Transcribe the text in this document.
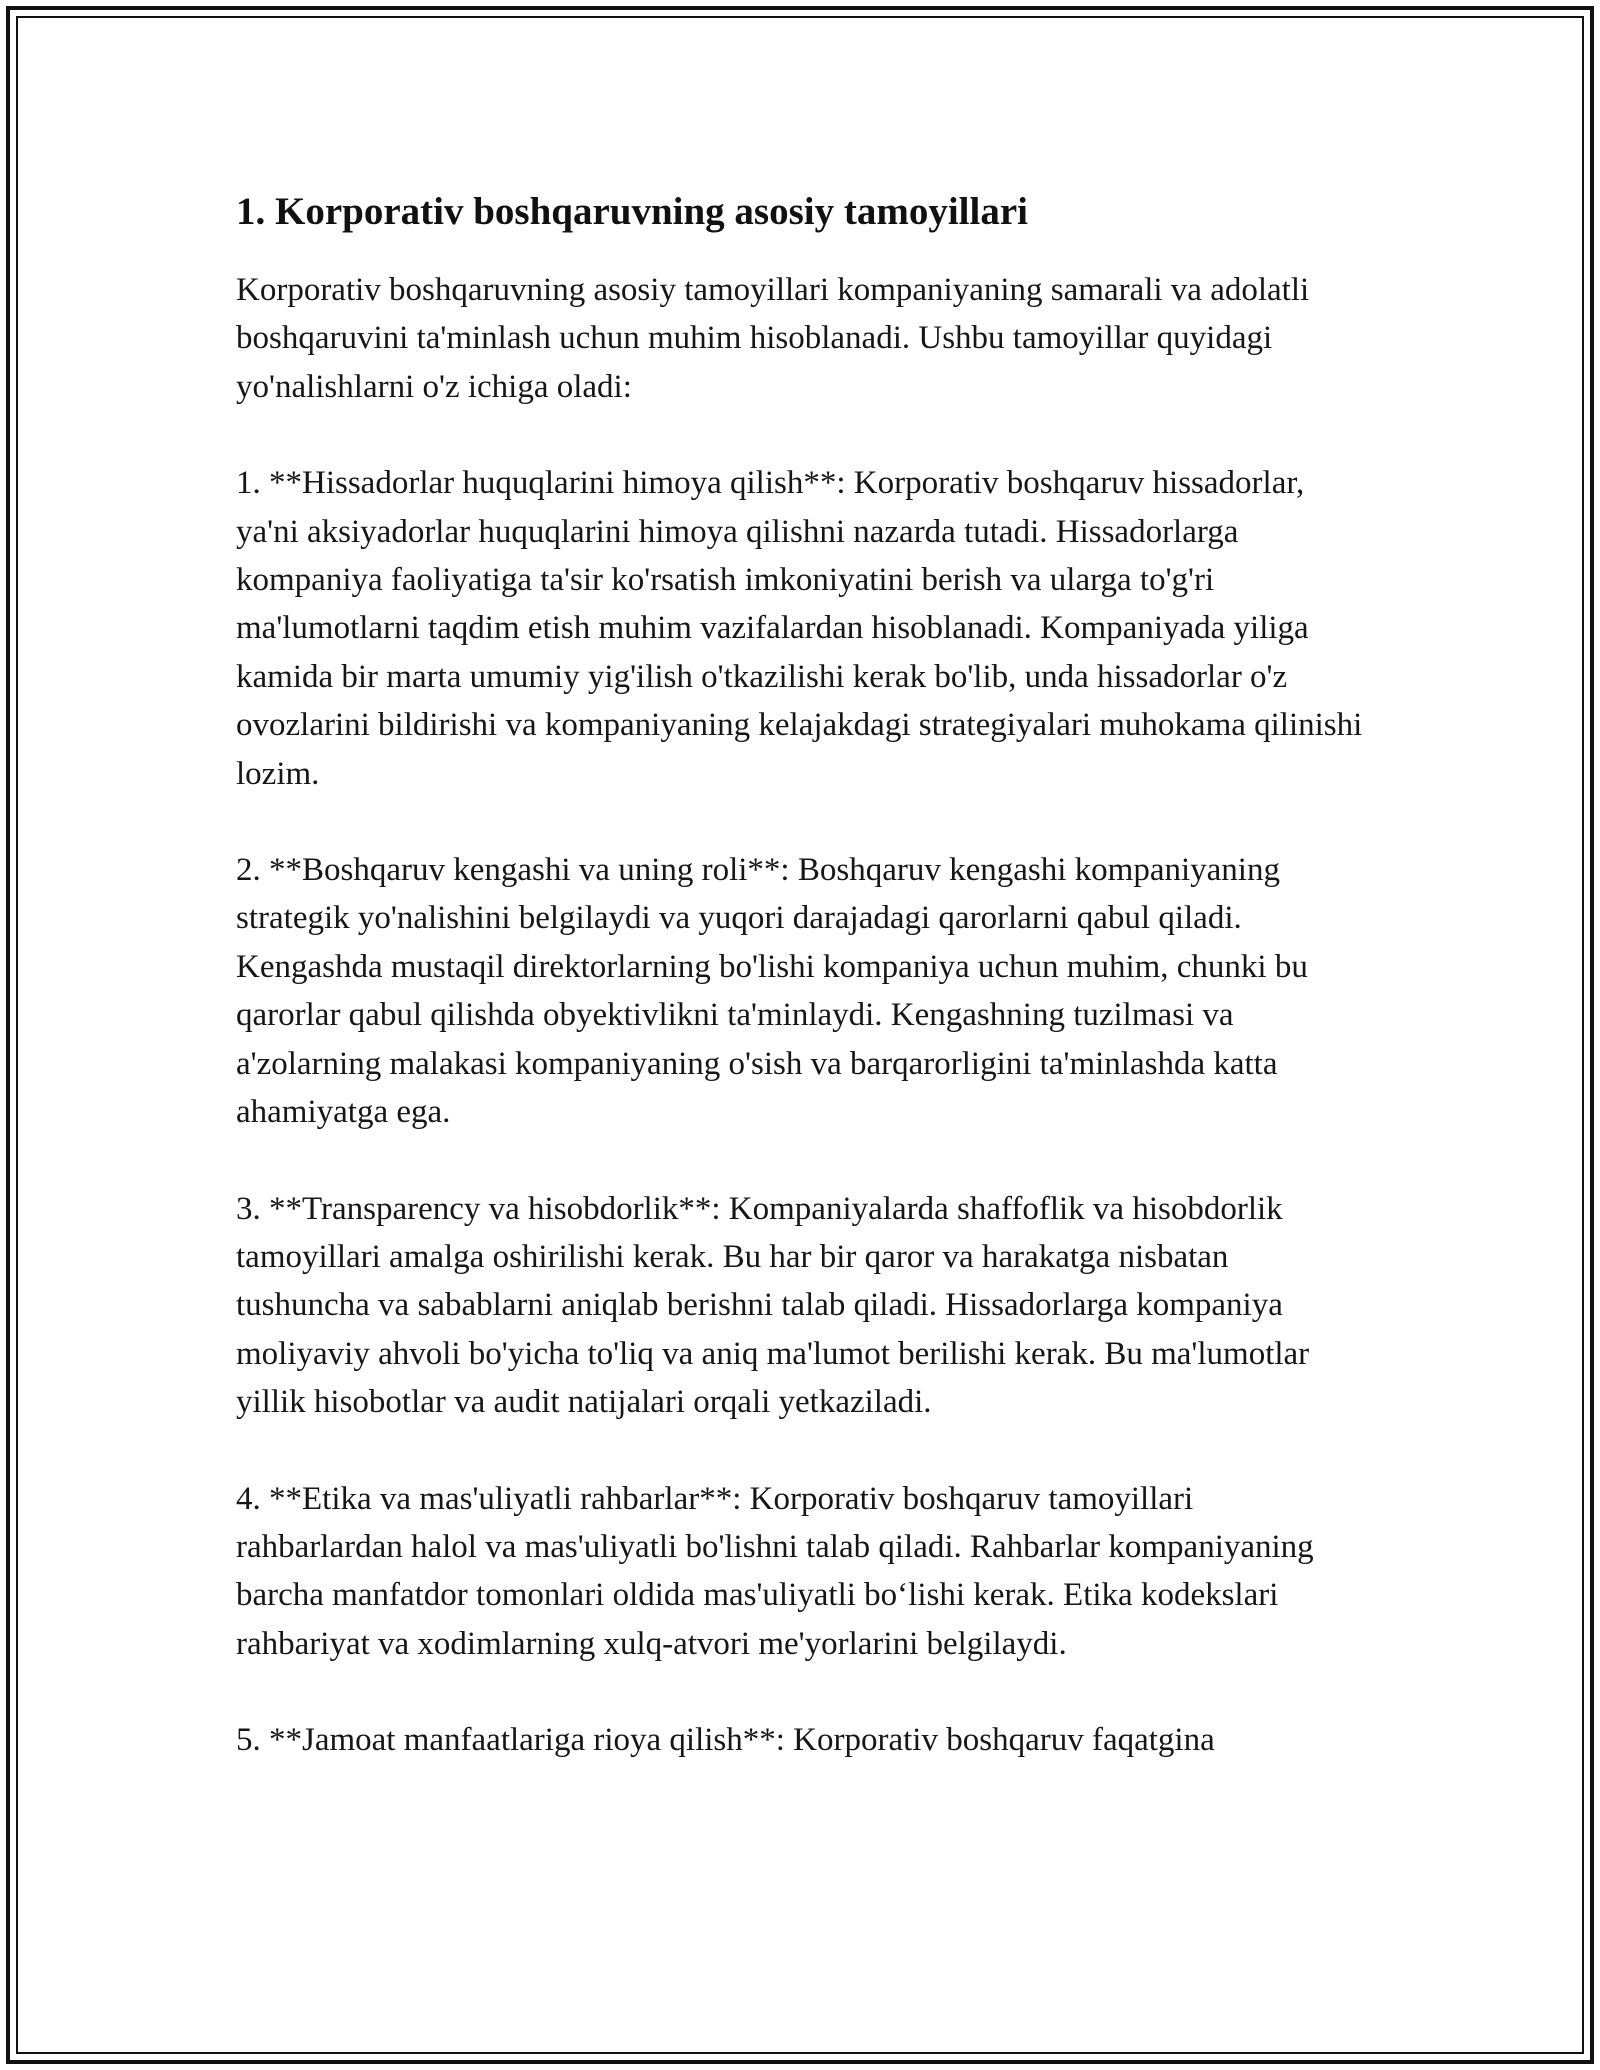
1. Korporativ boshqaruvning asosiy tamoyillari

Korporativ boshqaruvning asosiy tamoyillari kompaniyaning samarali va adolatli boshqaruvini ta'minlash uchun muhim hisoblanadi. Ushbu tamoyillar quyidagi yo'nalishlarni o'z ichiga oladi:

1. **Hissadorlar huquqlarini himoya qilish**: Korporativ boshqaruv hissadorlar, ya'ni aksiyadorlar huquqlarini himoya qilishni nazarda tutadi. Hissadorlarga kompaniya faoliyatiga ta'sir ko'rsatish imkoniyatini berish va ularga to'g'ri ma'lumotlarni taqdim etish muhim vazifalardan hisoblanadi. Kompaniyada yiliga kamida bir marta umumiy yig'ilish o'tkazilishi kerak bo'lib, unda hissadorlar o'z ovozlarini bildirishi va kompaniyaning kelajakdagi strategiyalari muhokama qilinishi lozim.

2. **Boshqaruv kengashi va uning roli**: Boshqaruv kengashi kompaniyaning strategik yo'nalishini belgilaydi va yuqori darajadagi qarorlarni qabul qiladi. Kengashda mustaqil direktorlarning bo'lishi kompaniya uchun muhim, chunki bu qarorlar qabul qilishda obyektivlikni ta'minlaydi. Kengashning tuzilmasi va a'zolarning malakasi kompaniyaning o'sish va barqarorligini ta'minlashda katta ahamiyatga ega.

3. **Transparency va hisobdorlik**: Kompaniyalarda shaffoflik va hisobdorlik tamoyillari amalga oshirilishi kerak. Bu har bir qaror va harakatga nisbatan tushuncha va sabablarni aniqlab berishni talab qiladi. Hissadorlarga kompaniya moliyaviy ahvoli bo'yicha to'liq va aniq ma'lumot berilishi kerak. Bu ma'lumotlar yillik hisobotlar va audit natijalari orqali yetkaziladi.

4. **Etika va mas'uliyatli rahbarlar**: Korporativ boshqaruv tamoyillari rahbarlardan halol va mas'uliyatli bo'lishni talab qiladi. Rahbarlar kompaniyaning barcha manfatdor tomonlari oldida mas'uliyatli bo‘lishi kerak. Etika kodekslari rahbariyat va xodimlarning xulq-atvori me'yorlarini belgilaydi.

5. **Jamoat manfaatlariga rioya qilish**: Korporativ boshqaruv faqatgina
